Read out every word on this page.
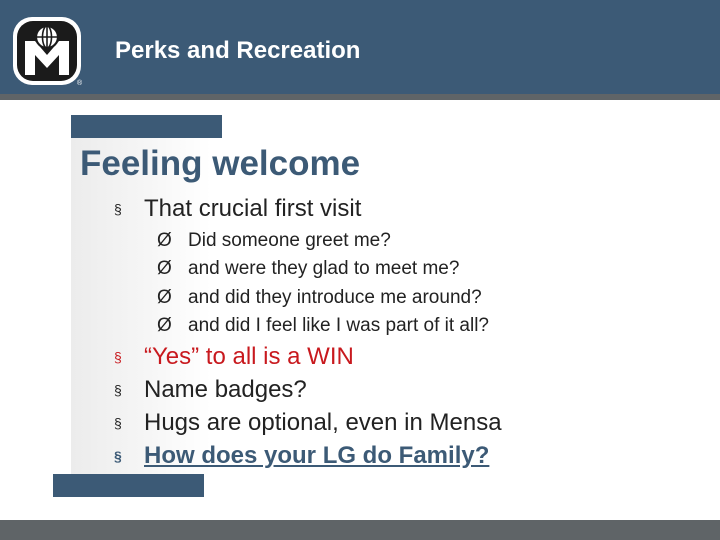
®
Perks and Recreation
Feeling welcome
§ That crucial first visit
Ø Did someone greet me?
Ø and were they glad to meet me?
Ø and did they introduce me around?
Ø and did I feel like I was part of it all?
§ “Yes” to all is a WIN
§ Name badges?
§ Hugs are optional, even in Mensa
§ How does your LG do Family?
